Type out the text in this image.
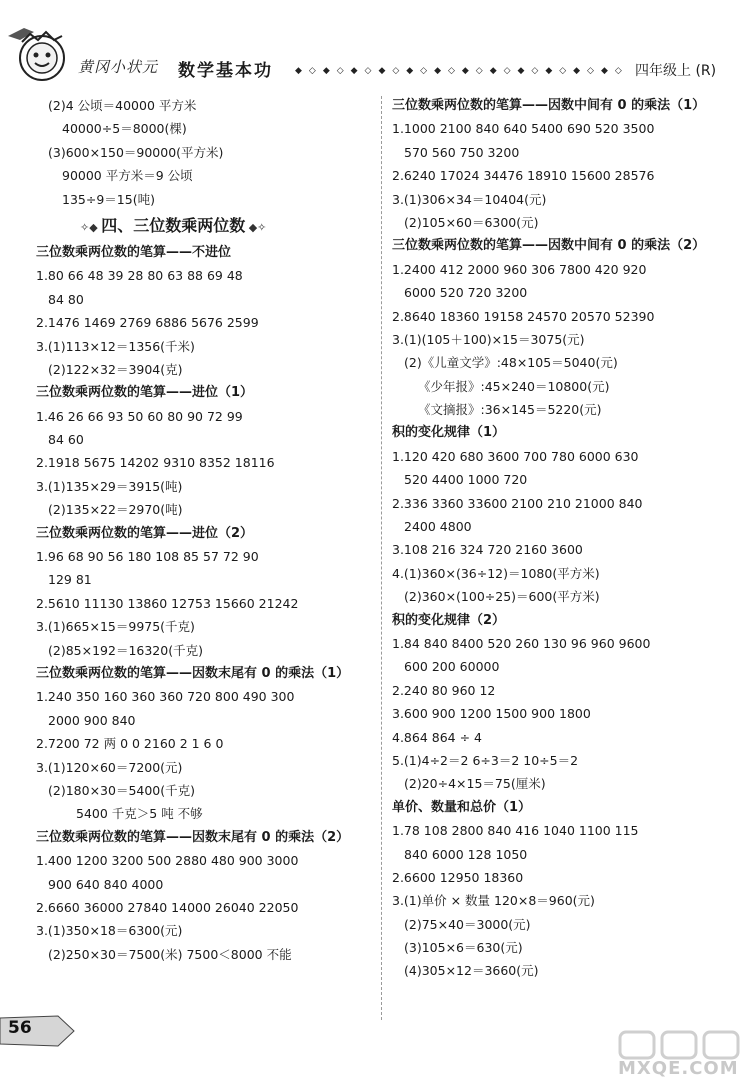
黄冈小状元 数学基本功 ◆ ◇ ◆ ◇ ◆ ◇ ◆ ◇ ◆ ◇ ◆ ◇ ◆ ◇ ◆ ◇ ◆ ◇ ◆ ◇ ◆ ◇ ◆ ◇ 四年级上 (R)
(2)4 公顷＝40000 平方米
40000÷5＝8000(棵)
(3)600×150＝90000(平方米)
90000 平方米＝9 公顷
135÷9＝15(吨)
✧◆ 四、三位数乘两位数 ◆✧
三位数乘两位数的笔算——不进位
1.80 66 48 39 28 80 63 88 69 48
84 80
2.1476 1469 2769 6886 5676 2599
3.(1)113×12＝1356(千米)
(2)122×32＝3904(克)
三位数乘两位数的笔算——进位（1）
1.46 26 66 93 50 60 80 90 72 99
84 60
2.1918 5675 14202 9310 8352 18116
3.(1)135×29＝3915(吨)
(2)135×22＝2970(吨)
三位数乘两位数的笔算——进位（2）
1.96 68 90 56 180 108 85 57 72 90
129 81
2.5610 11130 13860 12753 15660 21242
3.(1)665×15＝9975(千克)
(2)85×192＝16320(千克)
三位数乘两位数的笔算——因数末尾有 0 的乘法（1）
1.240 350 160 360 360 720 800 490 300
2000 900 840
2.7200 72 两 0 0 2160 2 1 6 0
3.(1)120×60＝7200(元)
(2)180×30＝5400(千克)
5400 千克＞5 吨 不够
三位数乘两位数的笔算——因数末尾有 0 的乘法（2）
1.400 1200 3200 500 2880 480 900 3000
900 640 840 4000
2.6660 36000 27840 14000 26040 22050
3.(1)350×18＝6300(元)
(2)250×30＝7500(米) 7500＜8000 不能
三位数乘两位数的笔算——因数中间有 0 的乘法（1）
1.1000 2100 840 640 5400 690 520 3500
570 560 750 3200
2.6240 17024 34476 18910 15600 28576
3.(1)306×34＝10404(元)
(2)105×60＝6300(元)
三位数乘两位数的笔算——因数中间有 0 的乘法（2）
1.2400 412 2000 960 306 7800 420 920
6000 520 720 3200
2.8640 18360 19158 24570 20570 52390
3.(1)(105＋100)×15＝3075(元)
(2)《儿童文学》:48×105＝5040(元)
《少年报》:45×240＝10800(元)
《文摘报》:36×145＝5220(元)
积的变化规律（1）
1.120 420 680 3600 700 780 6000 630
520 4400 1000 720
2.336 3360 33600 2100 210 21000 840
2400 4800
3.108 216 324 720 2160 3600
4.(1)360×(36÷12)＝1080(平方米)
(2)360×(100÷25)＝600(平方米)
积的变化规律（2）
1.84 840 8400 520 260 130 96 960 9600
600 200 60000
2.240 80 960 12
3.600 900 1200 1500 900 1800
4.864 864 ÷ 4
5.(1)4÷2＝2 6÷3＝2 10÷5＝2
(2)20÷4×15＝75(厘米)
单价、数量和总价（1）
1.78 108 2800 840 416 1040 1100 115
840 6000 128 1050
2.6600 12950 18360
3.(1)单价 × 数量 120×8＝960(元)
(2)75×40＝3000(元)
(3)105×6＝630(元)
(4)305×12＝3660(元)
56
MXQE.COM
